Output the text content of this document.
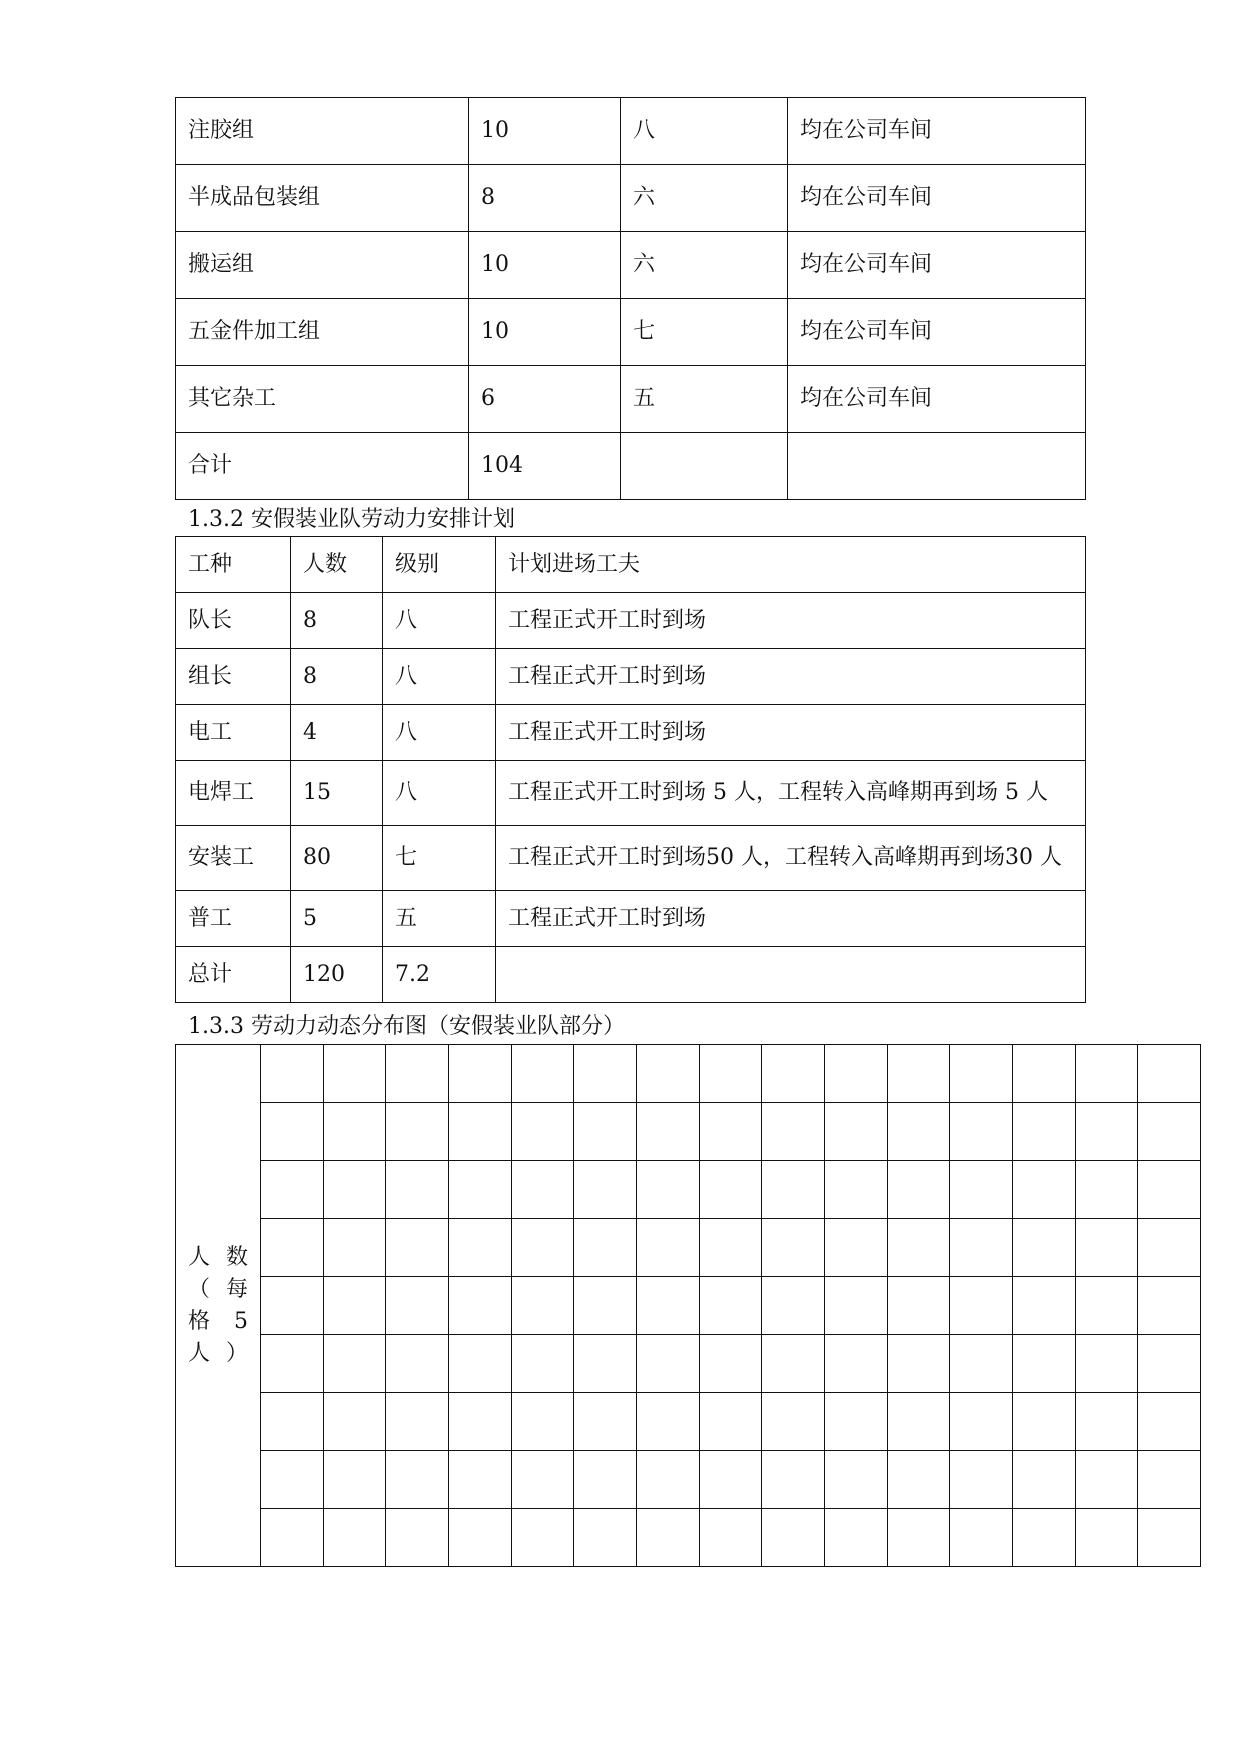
注胶组	10	八	均在公司车间
半成品包装组	8	六	均在公司车间
搬运组	10	六	均在公司车间
五金件加工组	10	七	均在公司车间
其它杂工	6	五	均在公司车间
合计	104		
1.3.2 安假装业队劳动力安排计划
工种	人数	级别	计划进场工夫
队长	8	八	工程正式开工时到场
组长	8	八	工程正式开工时到场
电工	4	八	工程正式开工时到场
电焊工	15	八	工程正式开工时到场 5 人，工程转入高峰期再到场 5 人
安装工	80	七	工程正式开工时到场50 人，工程转入高峰期再到场30 人
普工	5	五	工程正式开工时到场
总计	120	7.2	
1.3.3 劳动力动态分布图（安假装业队部分）
人 数（ 每格 5 人）															
